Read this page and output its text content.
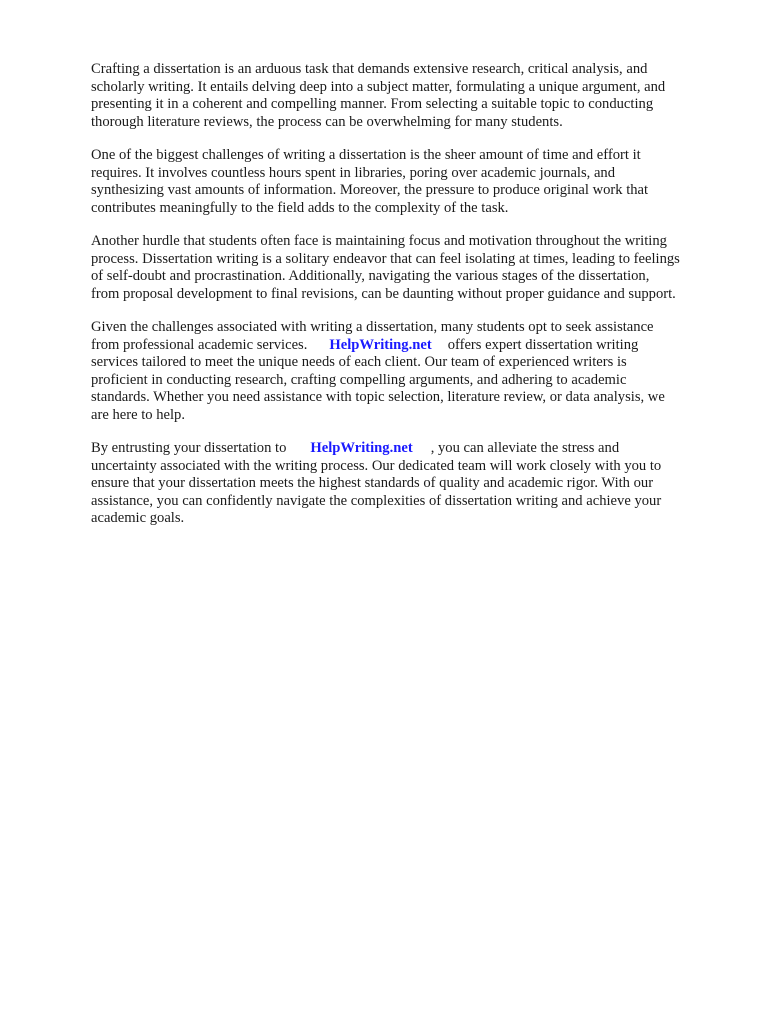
Crafting a dissertation is an arduous task that demands extensive research, critical analysis, and
scholarly writing. It entails delving deep into a subject matter, formulating a unique argument, and
presenting it in a coherent and compelling manner. From selecting a suitable topic to conducting
thorough literature reviews, the process can be overwhelming for many students.

One of the biggest challenges of writing a dissertation is the sheer amount of time and effort it
requires. It involves countless hours spent in libraries, poring over academic journals, and
synthesizing vast amounts of information. Moreover, the pressure to produce original work that
contributes meaningfully to the field adds to the complexity of the task.

Another hurdle that students often face is maintaining focus and motivation throughout the writing
process. Dissertation writing is a solitary endeavor that can feel isolating at times, leading to feelings
of self-doubt and procrastination. Additionally, navigating the various stages of the dissertation,
from proposal development to final revisions, can be daunting without proper guidance and support.

Given the challenges associated with writing a dissertation, many students opt to seek assistance
from professional academic services. HelpWriting.net offers expert dissertation writing
services tailored to meet the unique needs of each client. Our team of experienced writers is
proficient in conducting research, crafting compelling arguments, and adhering to academic
standards. Whether you need assistance with topic selection, literature review, or data analysis, we
are here to help.

By entrusting your dissertation to HelpWriting.net , you can alleviate the stress and
uncertainty associated with the writing process. Our dedicated team will work closely with you to
ensure that your dissertation meets the highest standards of quality and academic rigor. With our
assistance, you can confidently navigate the complexities of dissertation writing and achieve your
academic goals.
